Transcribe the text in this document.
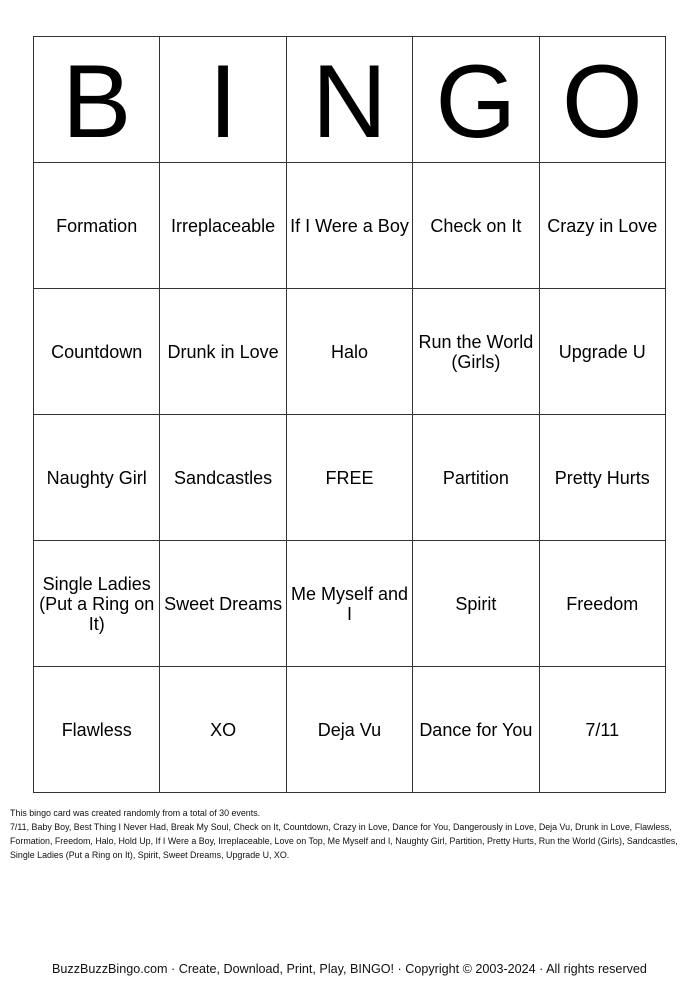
B	I	N	G	O
Formation	Irreplaceable	If I Were a Boy	Check on It	Crazy in Love
Countdown	Drunk in Love	Halo	Run the World (Girls)	Upgrade U
Naughty Girl	Sandcastles	FREE	Partition	Pretty Hurts
Single Ladies (Put a Ring on It)	Sweet Dreams	Me Myself and I	Spirit	Freedom
Flawless	XO	Deja Vu	Dance for You	7/11

This bingo card was created randomly from a total of 30 events.

7/11, Baby Boy, Best Thing I Never Had, Break My Soul, Check on It, Countdown, Crazy in Love, Dance for You, Dangerously in Love, Deja Vu, Drunk in Love, Flawless, Formation, Freedom, Halo, Hold Up, If I Were a Boy, Irreplaceable, Love on Top, Me Myself and I, Naughty Girl, Partition, Pretty Hurts, Run the World (Girls), Sandcastles, Single Ladies (Put a Ring on It), Spirit, Sweet Dreams, Upgrade U, XO.

BuzzBuzzBingo.com · Create, Download, Print, Play, BINGO! · Copyright © 2003-2024 · All rights reserved
